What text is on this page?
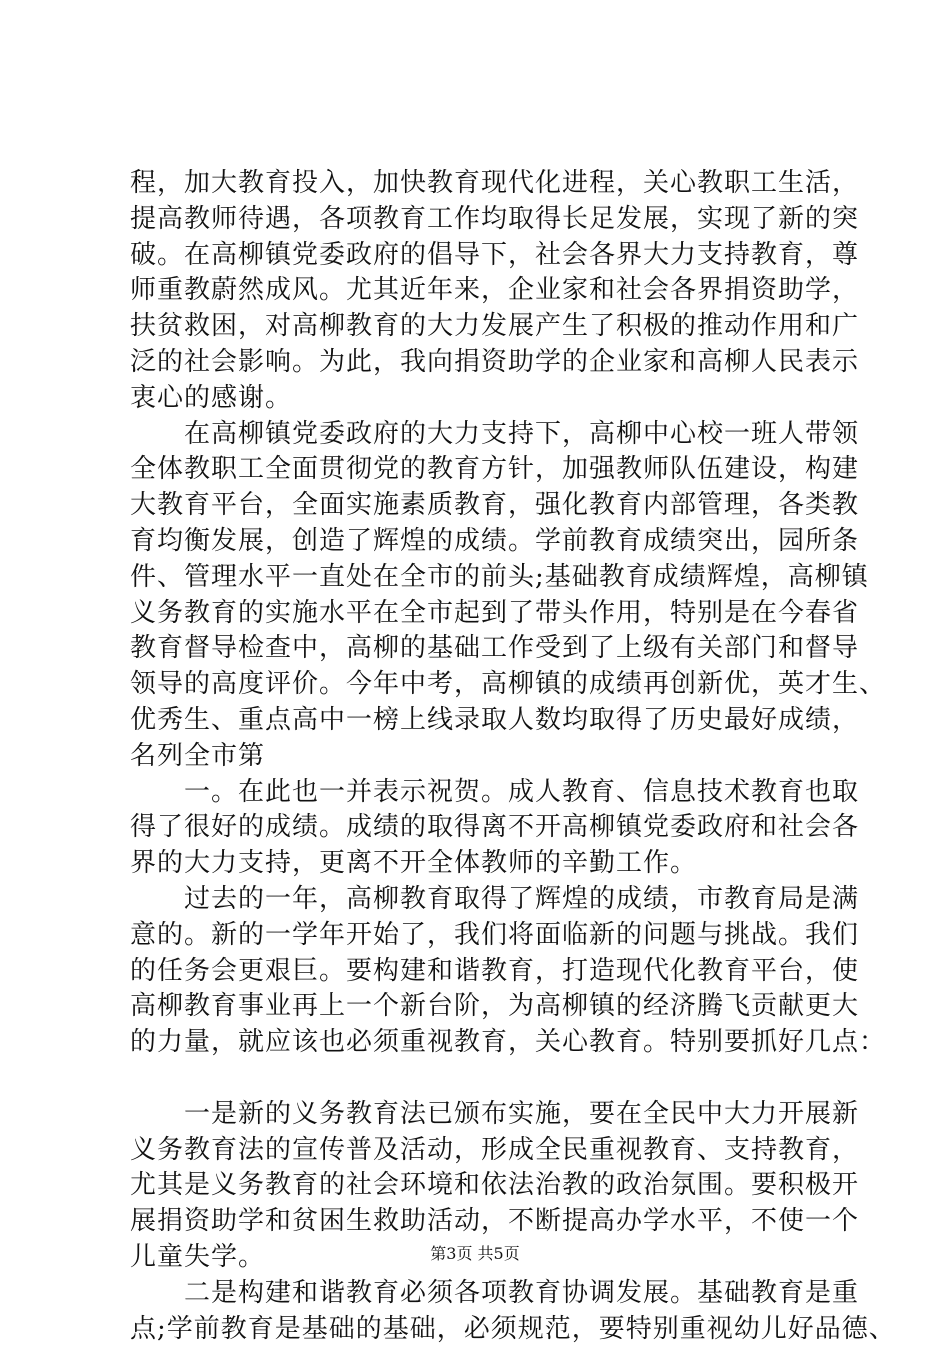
程，加大教育投入，加快教育现代化进程，关心教职工生活，
提高教师待遇，各项教育工作均取得长足发展，实现了新的突
破。在高柳镇党委政府的倡导下，社会各界大力支持教育，尊
师重教蔚然成风。尤其近年来，企业家和社会各界捐资助学，
扶贫救困，对高柳教育的大力发展产生了积极的推动作用和广
泛的社会影响。为此，我向捐资助学的企业家和高柳人民表示
衷心的感谢。
在高柳镇党委政府的大力支持下，高柳中心校一班人带领
全体教职工全面贯彻党的教育方针，加强教师队伍建设，构建
大教育平台，全面实施素质教育，强化教育内部管理，各类教
育均衡发展，创造了辉煌的成绩。学前教育成绩突出，园所条
件、管理水平一直处在全市的前头;基础教育成绩辉煌，高柳镇
义务教育的实施水平在全市起到了带头作用，特别是在今春省
教育督导检查中，高柳的基础工作受到了上级有关部门和督导
领导的高度评价。今年中考，高柳镇的成绩再创新优，英才生、
优秀生、重点高中一榜上线录取人数均取得了历史最好成绩，
名列全市第
一。在此也一并表示祝贺。成人教育、信息技术教育也取
得了很好的成绩。成绩的取得离不开高柳镇党委政府和社会各
界的大力支持，更离不开全体教师的辛勤工作。
过去的一年，高柳教育取得了辉煌的成绩，市教育局是满
意的。新的一学年开始了，我们将面临新的问题与挑战。我们
的任务会更艰巨。要构建和谐教育，打造现代化教育平台，使
高柳教育事业再上一个新台阶，为高柳镇的经济腾飞贡献更大
的力量，就应该也必须重视教育，关心教育。特别要抓好几点：
一是新的义务教育法已颁布实施，要在全民中大力开展新
义务教育法的宣传普及活动，形成全民重视教育、支持教育，
尤其是义务教育的社会环境和依法治教的政治氛围。要积极开
展捐资助学和贫困生救助活动，不断提高办学水平，不使一个
儿童失学。
二是构建和谐教育必须各项教育协调发展。基础教育是重
点;学前教育是基础的基础，必须规范，要特别重视幼儿好品德、
第3页 共5页
